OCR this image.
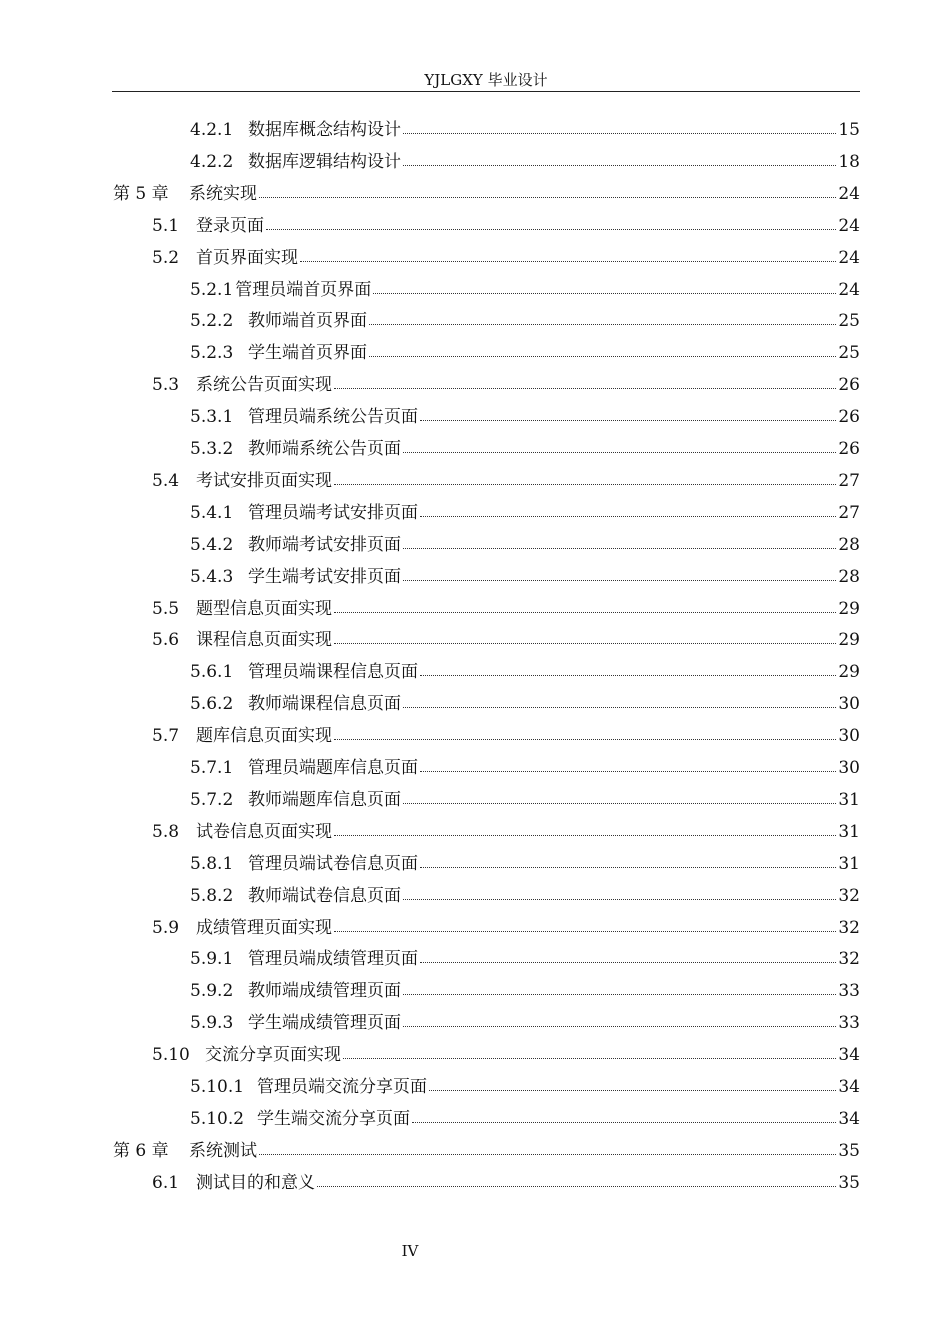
YJLGXY 毕业设计
4.2.1 数据库概念结构设计	15
4.2.2 数据库逻辑结构设计	18
第 5 章	系统实现	24
5.1 登录页面	24
5.2 首页界面实现	24
5.2.1 管理员端首页界面	24
5.2.2 教师端首页界面	25
5.2.3 学生端首页界面	25
5.3 系统公告页面实现	26
5.3.1 管理员端系统公告页面	26
5.3.2 教师端系统公告页面	26
5.4 考试安排页面实现	27
5.4.1 管理员端考试安排页面	27
5.4.2 教师端考试安排页面	28
5.4.3 学生端考试安排页面	28
5.5 题型信息页面实现	29
5.6 课程信息页面实现	29
5.6.1 管理员端课程信息页面	29
5.6.2 教师端课程信息页面	30
5.7 题库信息页面实现	30
5.7.1 管理员端题库信息页面	30
5.7.2 教师端题库信息页面	31
5.8 试卷信息页面实现	31
5.8.1 管理员端试卷信息页面	31
5.8.2 教师端试卷信息页面	32
5.9 成绩管理页面实现	32
5.9.1 管理员端成绩管理页面	32
5.9.2 教师端成绩管理页面	33
5.9.3 学生端成绩管理页面	33
5.10 交流分享页面实现	34
5.10.1 管理员端交流分享页面	34
5.10.2 学生端交流分享页面	34
第 6 章	系统测试	35
6.1 测试目的和意义	35
IV
